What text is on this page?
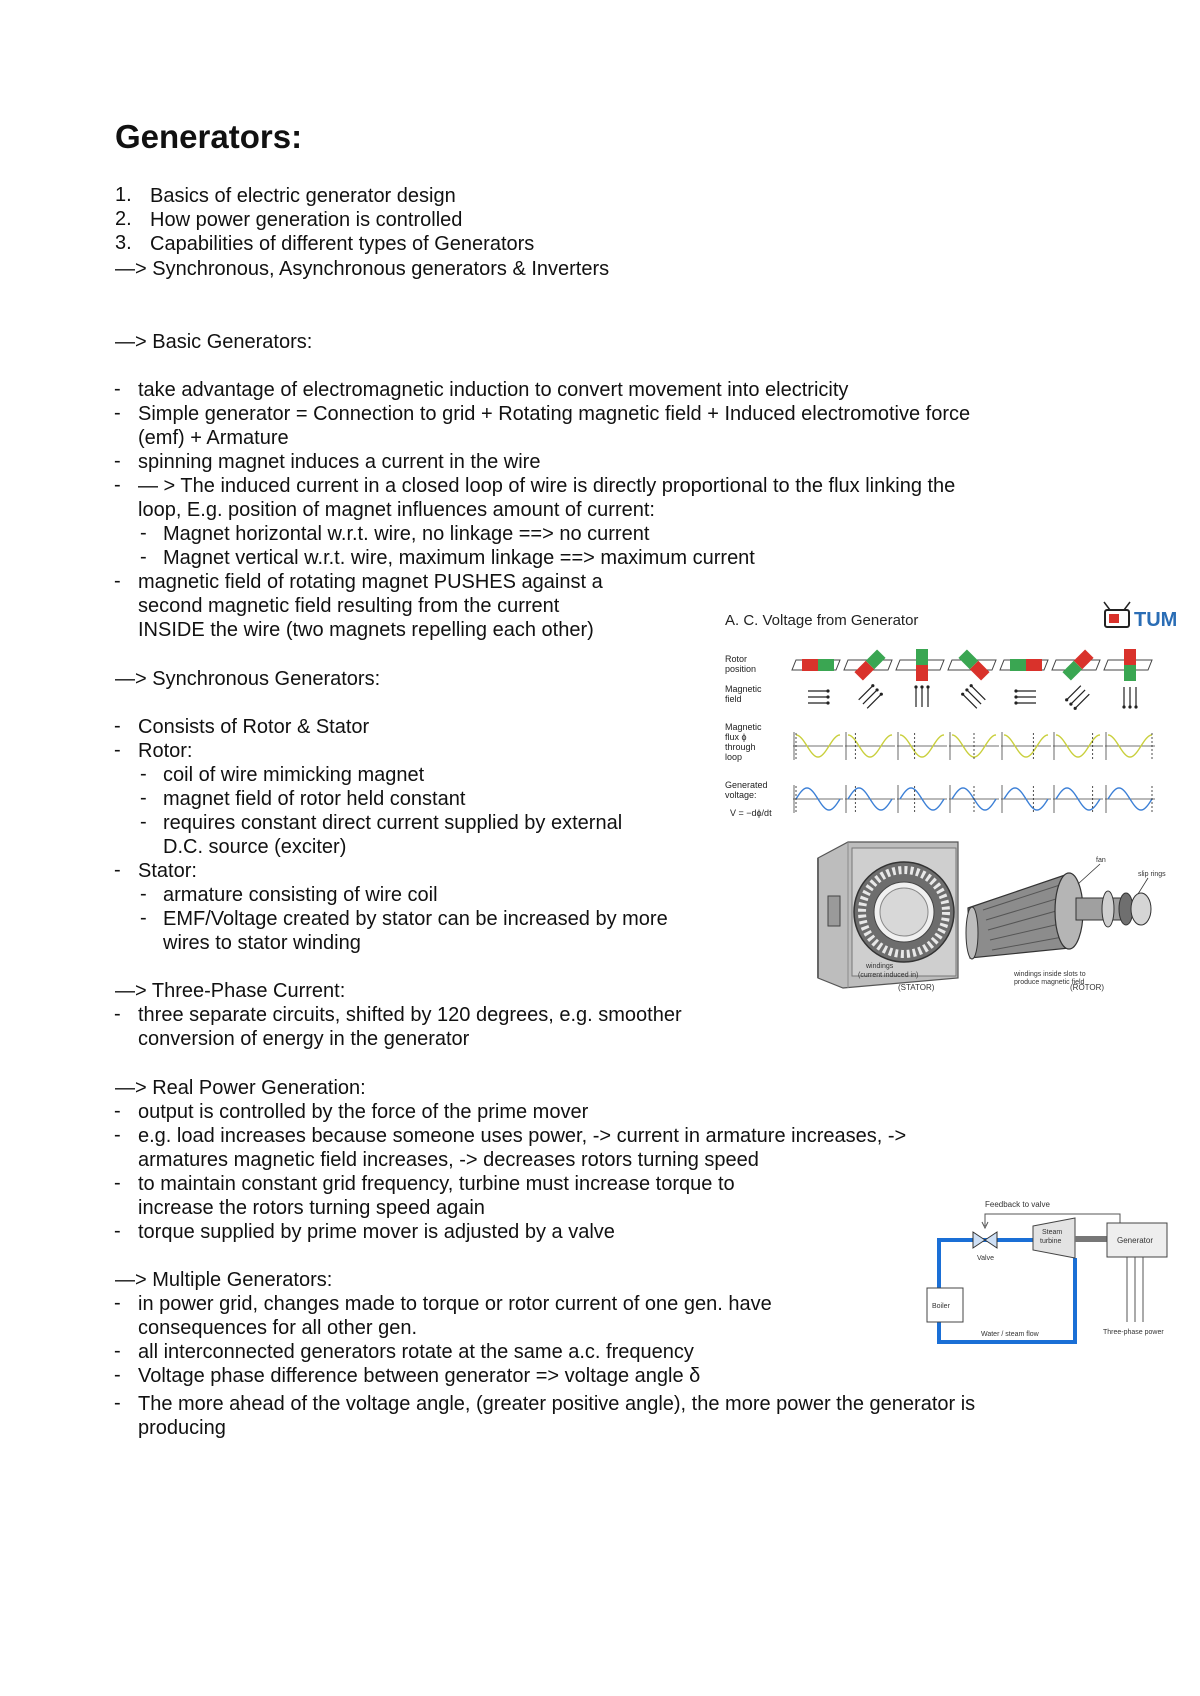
Generators:
1. Basics of electric generator design
2. How power generation is controlled
3. Capabilities of different types of Generators
—> Synchronous, Asynchronous generators & Inverters
—> Basic Generators:
- take advantage of electromagnetic induction to convert movement into electricity
- Simple generator = Connection to grid + Rotating magnetic field + Induced electromotive force
(emf) + Armature
- spinning magnet induces a current in the wire
- — > The induced current in a closed loop of wire is directly proportional to the flux linking the
loop, E.g. position of magnet influences amount of current:
- Magnet horizontal w.r.t. wire, no linkage ==> no current
- Magnet vertical w.r.t. wire, maximum linkage ==> maximum current
- magnetic field of rotating magnet PUSHES against a
second magnetic field resulting from the current
INSIDE the wire (two magnets repelling each other)
—> Synchronous Generators:
- Consists of Rotor & Stator
- Rotor:
- coil of wire mimicking magnet
- magnet field of rotor held constant
- requires constant direct current supplied by external
D.C. source (exciter)
- Stator:
- armature consisting of wire coil
- EMF/Voltage created by stator can be increased by more
wires to stator winding
—> Three-Phase Current:
- three separate circuits, shifted by 120 degrees, e.g. smoother
conversion of energy in the generator
—> Real Power Generation:
- output is controlled by the force of the prime mover
- e.g. load increases because someone uses power, -> current in armature increases, ->
armatures magnetic field increases, -> decreases rotors turning speed
- to maintain constant grid frequency, turbine must increase torque to
increase the rotors turning speed again
- torque supplied by prime mover is adjusted by a valve
—> Multiple Generators:
- in power grid, changes made to torque or rotor current of one gen. have
consequences for all other gen.
- all interconnected generators rotate at the same a.c. frequency
- Voltage phase difference between generator => voltage angle δ
- The more ahead of the voltage angle, (greater positive angle), the more power the generator is
producing
A. C. Voltage from Generator	TUM
Rotor
position
Magnetic
field
Magnetic
flux ϕ
through
loop
Generated
voltage:
V = −dϕ/dt
windings
(current induced in)
(STATOR)
windings inside slots to
produce magnetic field
(ROTOR)
fan
slip rings
Feedback to valve
Valve
Steam
turbine	Generator
Three-phase power
Boiler
Water / steam flow
